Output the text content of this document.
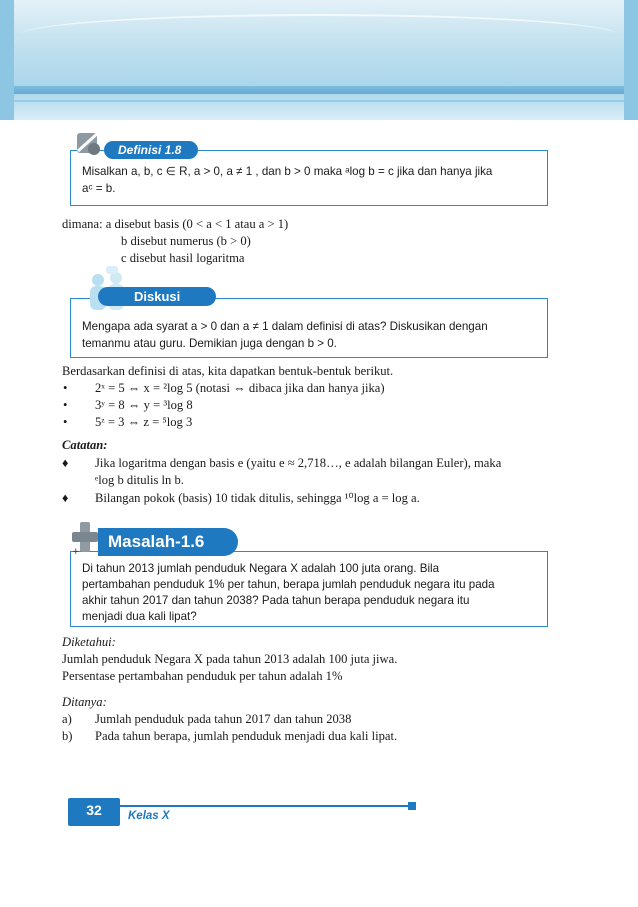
Definisi 1.8
Misalkan a, b, c ∈ R, a > 0, a ≠ 1 , dan b > 0 maka ᵃlog b = c jika dan hanya jika
aᶜ = b.
dimana: a disebut basis (0 < a < 1 atau a > 1)
b disebut numerus (b > 0)
c disebut hasil logaritma
Diskusi
Mengapa ada syarat a > 0 dan a ≠ 1 dalam definisi di atas? Diskusikan dengan
temanmu atau guru. Demikian juga dengan b > 0.
Berdasarkan definisi di atas, kita dapatkan bentuk-bentuk berikut.
• 2ˣ = 5 ⇔ x = ²log 5 (notasi ⇔ dibaca jika dan hanya jika)
• 3ʸ = 8 ⇔ y = ³log 8
• 5ᶻ = 3 ⇔ z = ⁵log 3
Catatan:
♦ Jika logaritma dengan basis e (yaitu e ≈ 2,718…, e adalah bilangan Euler), maka
ᵉlog b ditulis ln b.
♦ Bilangan pokok (basis) 10 tidak ditulis, sehingga ¹⁰log a = log a.
+
Masalah-1.6
Di tahun 2013 jumlah penduduk Negara X adalah 100 juta orang. Bila
pertambahan penduduk 1% per tahun, berapa jumlah penduduk negara itu pada
akhir tahun 2017 dan tahun 2038? Pada tahun berapa penduduk negara itu
menjadi dua kali lipat?
Diketahui:
Jumlah penduduk Negara X pada tahun 2013 adalah 100 juta jiwa.
Persentase pertambahan penduduk per tahun adalah 1%
Ditanya:
a) Jumlah penduduk pada tahun 2017 dan tahun 2038
b) Pada tahun berapa, jumlah penduduk menjadi dua kali lipat.
32	Kelas X
